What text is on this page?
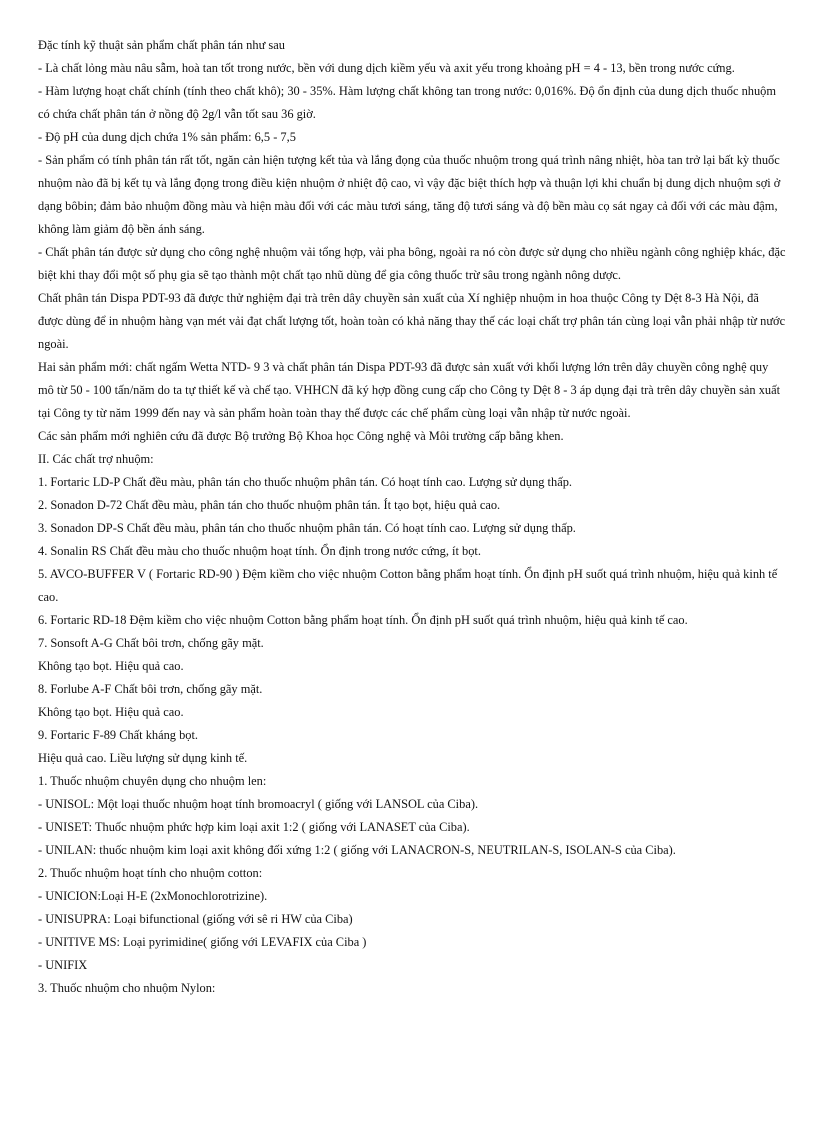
Đặc tính kỹ thuật sản phẩm chất phân tán như sau

- Là chất lỏng màu nâu sẫm, hoà tan tốt trong nước, bền với dung dịch kiềm yếu và axit yếu trong khoảng pH = 4 - 13, bền trong nước cứng.

- Hàm lượng hoạt chất chính (tính theo chất khô); 30 - 35%. Hàm lượng chất không tan trong nước: 0,016%. Độ ổn định của dung dịch thuốc nhuộm có chứa chất phân tán ở nồng độ 2g/l vẫn tốt sau 36 giờ.

- Độ pH của dung dịch chứa 1% sản phẩm: 6,5 - 7,5

- Sản phẩm có tính phân tán rất tốt, ngăn cản hiện tượng kết tủa và lắng đọng của thuốc nhuộm trong quá trình nâng nhiệt, hòa tan trở lại bất kỳ thuốc nhuộm nào đã bị kết tụ và lắng đọng trong điều kiện nhuộm ở nhiệt độ cao, vì vậy đặc biệt thích hợp và thuận lợi khi chuẩn bị dung dịch nhuộm sợi ở dạng bôbin; đảm bảo nhuộm đồng màu và hiện màu đối với các màu tươi sáng, tăng độ tươi sáng và độ bền màu cọ sát ngay cả đối với các màu đậm, không làm giảm độ bền ánh sáng.

- Chất phân tán được sử dụng cho công nghệ nhuộm vải tổng hợp, vải pha bông, ngoài ra nó còn được sử dụng cho nhiều ngành công nghiệp khác, đặc biệt khi thay đổi một số phụ gia sẽ tạo thành một chất tạo nhũ dùng để gia công thuốc trừ sâu trong ngành nông dược.

Chất phân tán Dispa PDT-93 đã được thử nghiệm đại trà trên dây chuyền sản xuất của Xí nghiệp nhuộm in hoa thuộc Công ty Dệt 8-3 Hà Nội, đã được dùng để in nhuộm hàng vạn mét vải đạt chất lượng tốt, hoàn toàn có khả năng thay thế các loại chất trợ phân tán cùng loại vẫn phải nhập từ nước ngoài.

Hai sản phẩm mới: chất ngấm Wetta NTD- 9 3 và chất phân tán Dispa PDT-93 đã được sản xuất với khối lượng lớn trên dây chuyền công nghệ quy mô từ 50 - 100 tấn/năm do ta tự thiết kế và chế tạo. VHHCN đã ký hợp đồng cung cấp cho Công ty Dệt 8 - 3 áp dụng đại trà trên dây chuyền sản xuất tại Công ty từ năm 1999 đến nay và sản phẩm hoàn toàn thay thế được các chế phẩm cùng loại vẫn nhập từ nước ngoài.

Các sản phẩm mới nghiên cứu đã được Bộ trưởng Bộ Khoa học Công nghệ và Môi trường cấp bằng khen.

II. Các chất trợ nhuộm:

1. Fortaric LD-P Chất đều màu, phân tán cho thuốc nhuộm phân tán. Có hoạt tính cao. Lượng sử dụng thấp.

2. Sonadon D-72 Chất đều màu, phân tán cho thuốc nhuộm phân tán. Ít tạo bọt, hiệu quả cao.

3. Sonadon DP-S Chất đều màu, phân tán cho thuốc nhuộm phân tán. Có hoạt tính cao. Lượng sử dụng thấp.

4. Sonalin RS Chất đều màu cho thuốc nhuộm hoạt tính. Ổn định trong nước cứng, ít bọt.

5. AVCO-BUFFER V ( Fortaric RD-90 ) Đệm kiềm cho việc nhuộm Cotton bằng phẩm hoạt tính. Ổn định pH suốt quá trình nhuộm, hiệu quả kinh tế cao.

6. Fortaric RD-18 Đệm kiềm cho việc nhuộm Cotton bằng phẩm hoạt tính. Ổn định pH suốt quá trình nhuộm, hiệu quả kinh tế cao.

7. Sonsoft A-G Chất bôi trơn, chống gãy mặt.

Không tạo bọt. Hiệu quả cao.

8. Forlube A-F Chất bôi trơn, chống gãy mặt.

Không tạo bọt. Hiệu quả cao.

9. Fortaric F-89 Chất kháng bọt.

Hiệu quả cao. Liều lượng sử dụng kinh tế.

1. Thuốc nhuộm chuyên dụng cho nhuộm len:

- UNISOL: Một loại thuốc nhuộm hoạt tính bromoacryl ( giống với LANSOL của Ciba).

- UNISET: Thuốc nhuộm phức hợp kim loại axit 1:2 ( giống với LANASET của Ciba).

- UNILAN: thuốc nhuộm kim loại axit không đối xứng 1:2 ( giống với LANACRON-S, NEUTRILAN-S, ISOLAN-S của Ciba).

2. Thuốc nhuộm hoạt tính cho nhuộm cotton:

- UNICION:Loại H-E (2xMonochlorotrizine).

- UNISUPRA: Loại bifunctional (giống với sê ri HW của Ciba)

- UNITIVE MS: Loại pyrimidine( giống với LEVAFIX của Ciba )

- UNIFIX

3. Thuốc nhuộm cho nhuộm Nylon:
